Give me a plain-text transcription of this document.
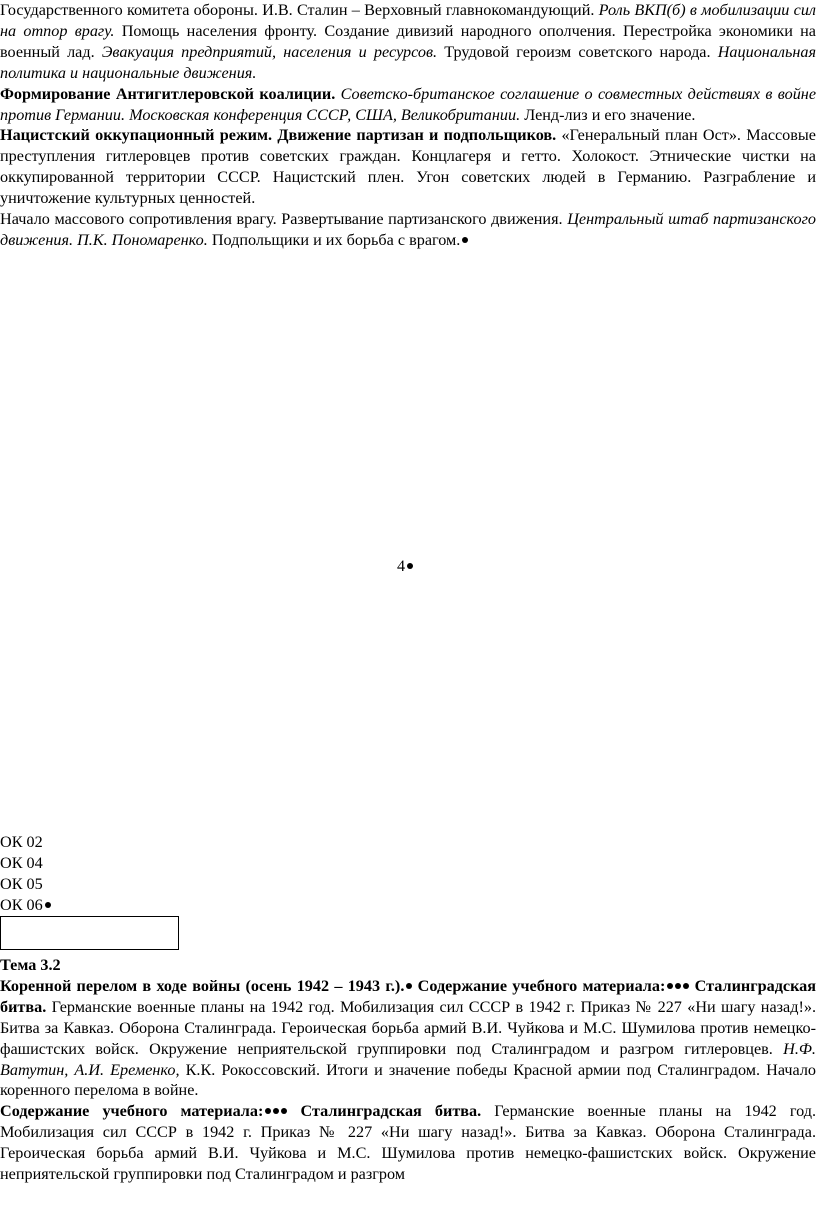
Государственного комитета обороны. И.В. Сталин – Верховный главнокомандующий. Роль ВКП(б) в мобилизации сил на отпор врагу. Помощь населения фронту. Создание дивизий народного ополчения. Перестройка экономики на военный лад. Эвакуация предприятий, населения и ресурсов. Трудовой героизм советского народа. Национальная политика и национальные движения.

Формирование Антигитлеровской коалиции. Советско-британское соглашение о совместных действиях в войне против Германии. Московская конференция СССР, США, Великобритании. Ленд-лиз и его значение.

Нацистский оккупационный режим. Движение партизан и подпольщиков. «Генеральный план Ост». Массовые преступления гитлеровцев против советских граждан. Концлагеря и гетто. Холокост. Этнические чистки на оккупированной территории СССР. Нацистский плен. Угон советских людей в Германию. Разграбление и уничтожение культурных ценностей.

Начало массового сопротивления врагу. Развертывание партизанского движения. Центральный штаб партизанского движения. П.К. Пономаренко. Подпольщики и их борьба с врагом.

4
ОК 02
ОК 04
ОК 05
ОК 06

Тема 3.2

Коренной перелом в ходе войны (осень 1942 – 1943 г.). Содержание учебного материала: Сталинградская битва. Германские военные планы на 1942 год. Мобилизация сил СССР в 1942 г. Приказ № 227 «Ни шагу назад!». Битва за Кавказ. Оборона Сталинграда. Героическая борьба армий В.И. Чуйкова и М.С. Шумилова против немецко-фашистских войск. Окружение неприятельской группировки под Сталинградом и разгром гитлеровцев. Н.Ф. Ватутин, А.И. Еременко, К.К. Рокоссовский. Итоги и значение победы Красной армии под Сталинградом. Начало коренного перелома в войне.

Содержание учебного материала: Сталинградская битва. Германские военные планы на 1942 год. Мобилизация сил СССР в 1942 г. Приказ № 227 «Ни шагу назад!». Битва за Кавказ. Оборона Сталинграда. Героическая борьба армий В.И. Чуйкова и М.С. Шумилова против немецко-фашистских войск. Окружение неприятельской группировки под Сталинградом и разгром
